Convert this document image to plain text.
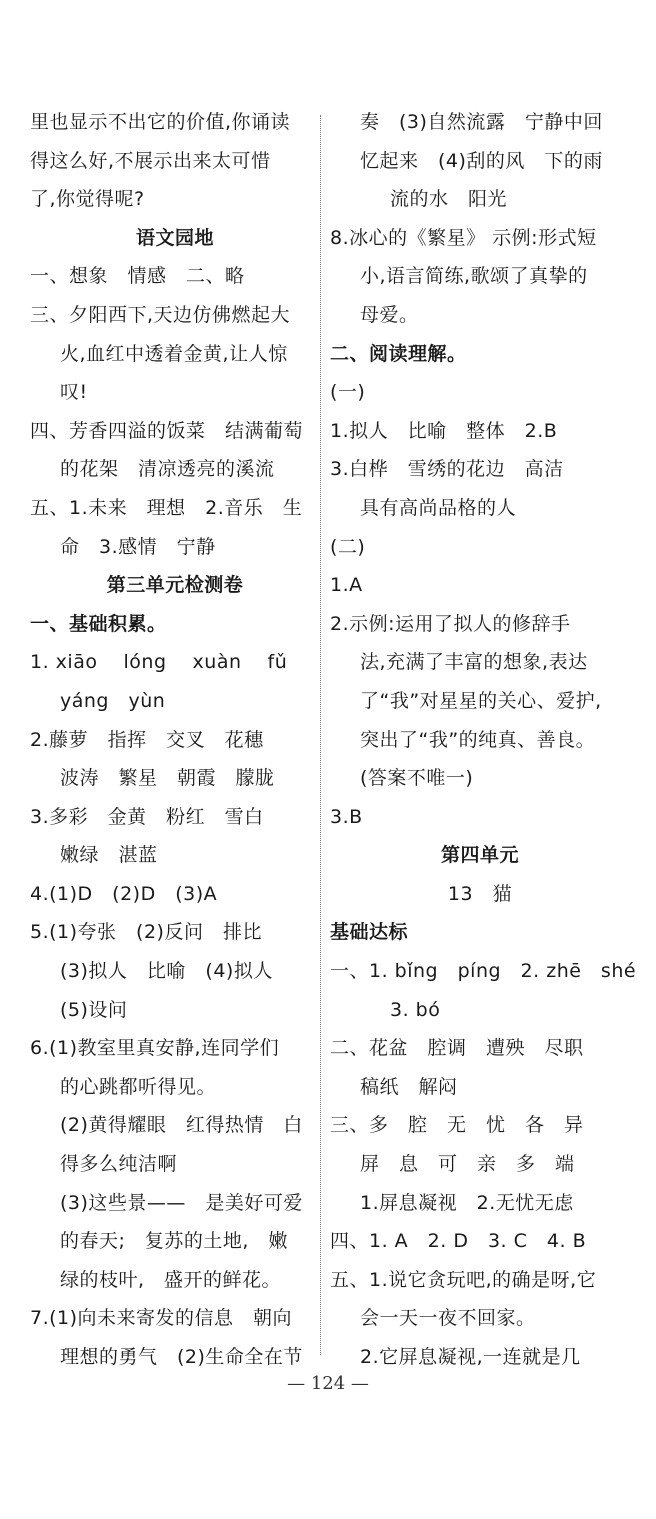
里也显示不出它的价值,你诵读
得这么好,不展示出来太可惜
了,你觉得呢?
语文园地
一、想象　情感　二、略
三、夕阳西下,天边仿佛燃起大
火,血红中透着金黄,让人惊
叹!
四、芳香四溢的饭菜　结满葡萄
的花架　清凉透亮的溪流
五、1.未来　理想　2.音乐　生
命　3.感情　宁静
第三单元检测卷
一、基础积累。
1. xiāo　 lóng　 xuàn　 fǔ
yáng　yùn
2.藤萝　指挥　交叉　花穗
波涛　繁星　朝霞　朦胧
3.多彩　金黄　粉红　雪白
嫩绿　湛蓝
4.(1)D　(2)D　(3)A
5.(1)夸张　(2)反问　排比
(3)拟人　比喻　(4)拟人
(5)设问
6.(1)教室里真安静,连同学们
的心跳都听得见。
(2)黄得耀眼　红得热情　白
得多么纯洁啊
(3)这些景——　是美好可爱
的春天;　复苏的土地,　嫩
绿的枝叶,　盛开的鲜花。
7.(1)向未来寄发的信息　朝向
理想的勇气　(2)生命全在节
奏　(3)自然流露　宁静中回
忆起来　(4)刮的风　下的雨
流的水　阳光
8.冰心的《繁星》 示例:形式短
小,语言简练,歌颂了真挚的
母爱。
二、阅读理解。
(一)
1.拟人　比喻　整体　2.B
3.白桦　雪绣的花边　高洁
具有高尚品格的人
(二)
1.A
2.示例:运用了拟人的修辞手
法,充满了丰富的想象,表达
了“我”对星星的关心、爱护,
突出了“我”的纯真、善良。
(答案不唯一)
3.B
第四单元
13　猫
基础达标
一、1. bǐng　píng　2. zhē　shé
3. bó
二、花盆　腔调　遭殃　尽职
稿纸　解闷
三、多　腔　无　忧　各　异
屏　息　可　亲　多　端
1.屏息凝视　2.无忧无虑
四、1. A　2. D　3. C　4. B
五、1.说它贪玩吧,的确是呀,它
会一天一夜不回家。
2.它屏息凝视,一连就是几
— 124 —
